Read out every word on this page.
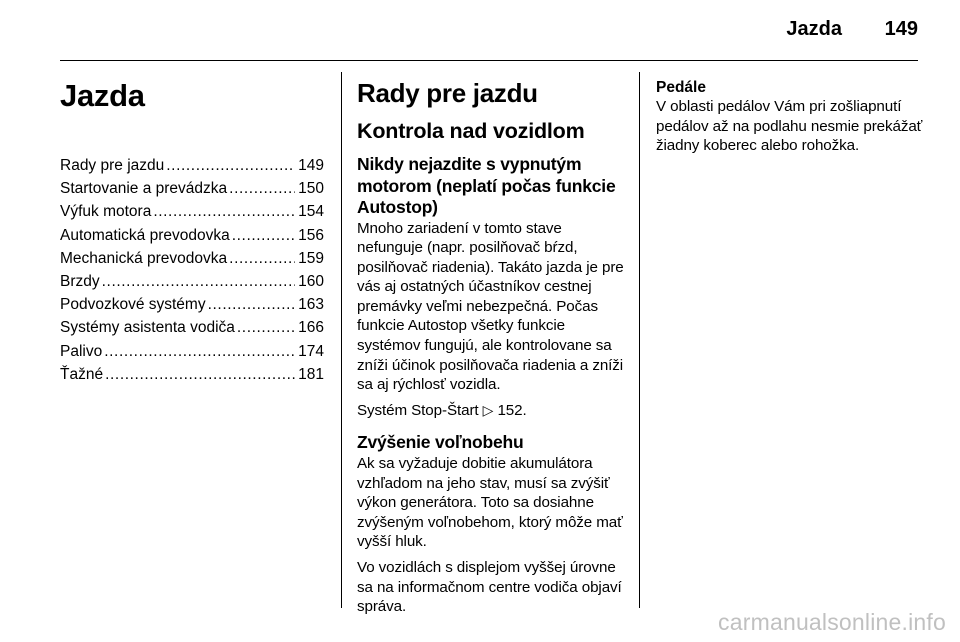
Jazda 149
Jazda
Rady pre jazdu .....	149
Startovanie a prevádzka .....	150
Výfuk motora .....	154
Automatická prevodovka .....	156
Mechanická prevodovka .....	159
Brzdy .....	160
Podvozkové systémy .....	163
Systémy asistenta vodiča .....	166
Palivo .....	174
Ťažné .....	181
Rady pre jazdu
Kontrola nad vozidlom
Nikdy nejazdite s vypnutým motorom (neplatí počas funkcie Autostop)

Mnoho zariadení v tomto stave nefunguje (napr. posilňovač bŕzd, posilňovač riadenia). Takáto jazda je pre vás aj ostatných účastníkov cestnej premávky veľmi nebezpečná. Počas funkcie Autostop všetky funkcie systémov fungujú, ale kontrolovane sa zníži účinok posilňovača riadenia a zníži sa aj rýchlosť vozidla.

Systém Stop-Štart ▷ 152.

Zvýšenie voľnobehu

Ak sa vyžaduje dobitie akumulátora vzhľadom na jeho stav, musí sa zvýšiť výkon generátora. Toto sa dosiahne zvýšeným voľnobehom, ktorý môže mať vyšší hluk.

Vo vozidlách s displejom vyššej úrovne sa na informačnom centre vodiča objaví správa.

Pedále

V oblasti pedálov Vám pri zošliapnutí pedálov až na podlahu nesmie prekážať žiadny koberec alebo rohožka.

carmanualsonline.info
